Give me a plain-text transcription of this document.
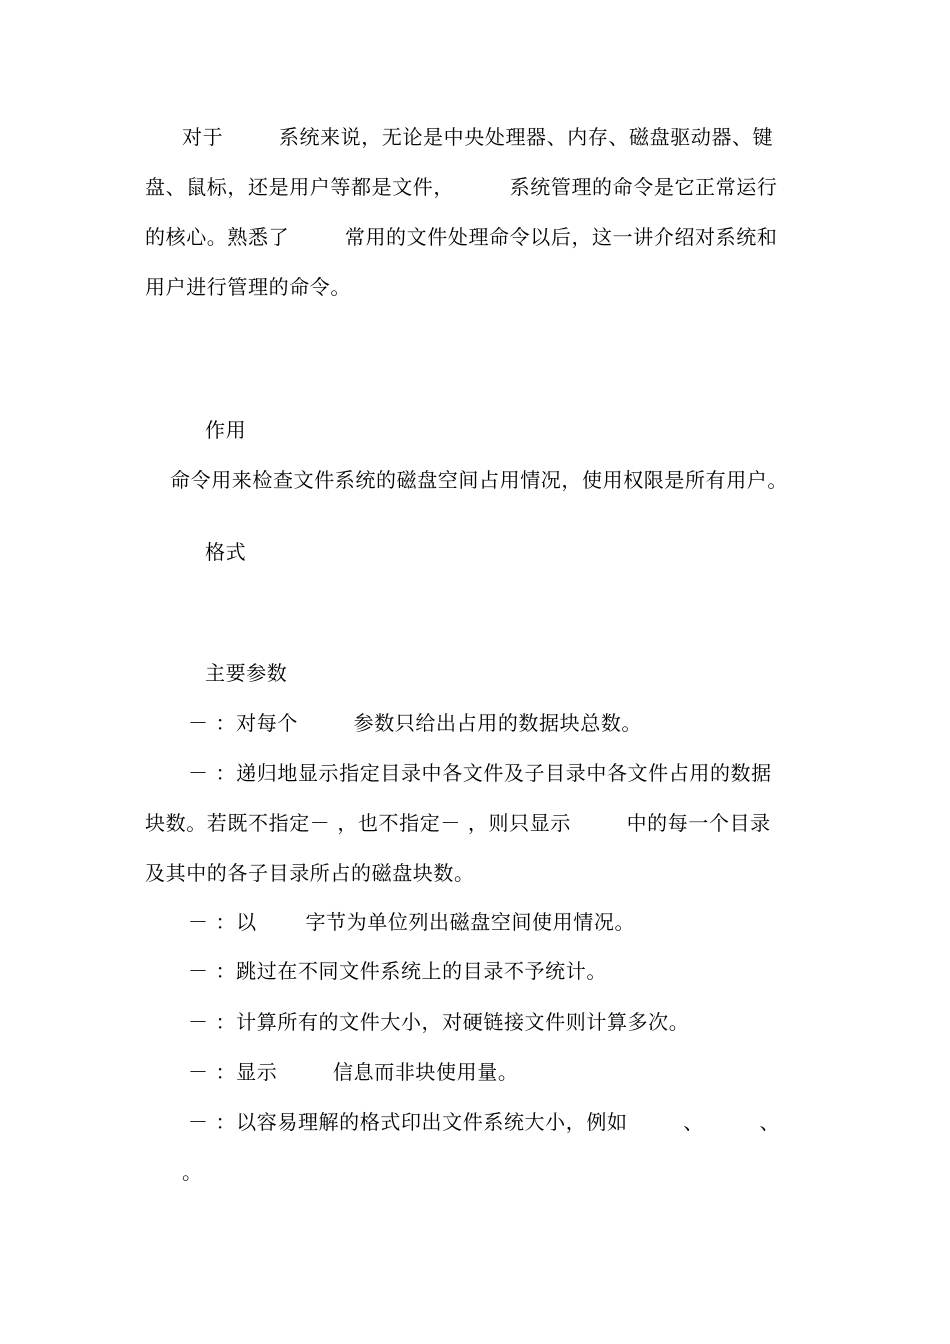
对于        系统来说，无论是中央处理器、内存、磁盘驱动器、键
盘、鼠标，还是用户等都是文件，        系统管理的命令是它正常运行
的核心。熟悉了        常用的文件处理命令以后，这一讲介绍对系统和
用户进行管理的命令。
作用
命令用来检查文件系统的磁盘空间占用情况，使用权限是所有用户。
格式
主要参数
－ ：对每个        参数只给出占用的数据块总数。
－ ：递归地显示指定目录中各文件及子目录中各文件占用的数据
块数。若既不指定－ ，也不指定－ ，则只显示        中的每一个目录
及其中的各子目录所占的磁盘块数。
－ ：以       字节为单位列出磁盘空间使用情况。
－ ：跳过在不同文件系统上的目录不予统计。
－ ：计算所有的文件大小，对硬链接文件则计算多次。
－ ：显示        信息而非块使用量。
－ ：以容易理解的格式印出文件系统大小，例如        、        、
。
